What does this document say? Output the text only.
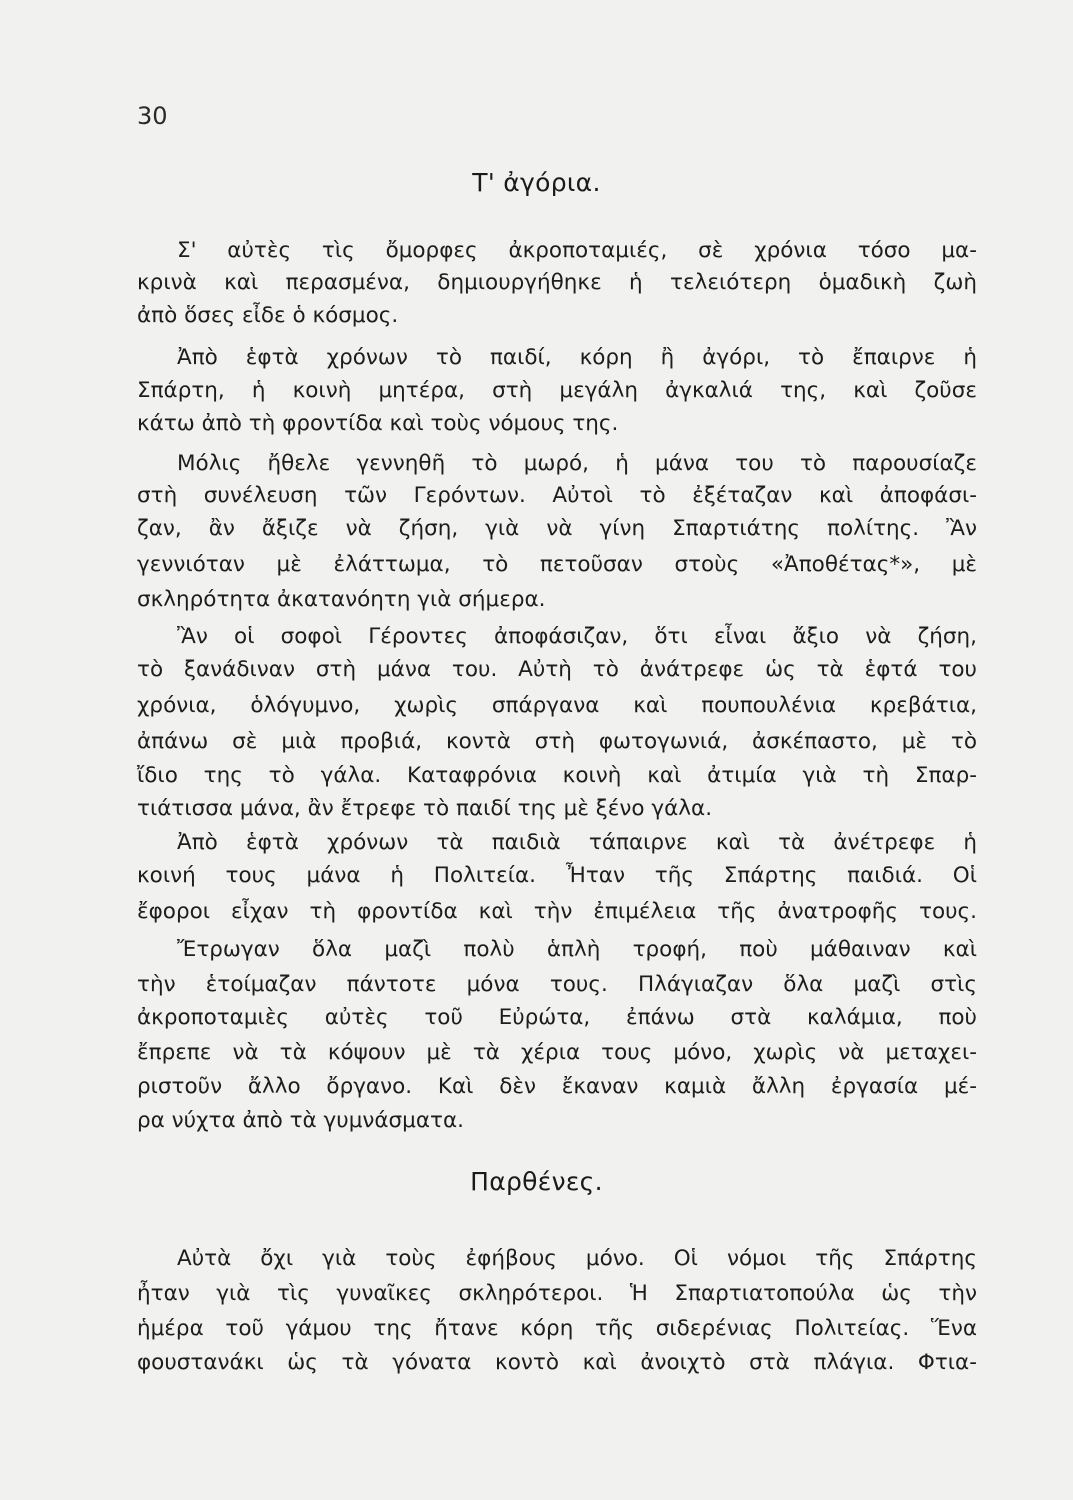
30
Τ' ἀγόρια.
Σ' αὐτὲς τὶς ὄμορφες ἀκροποταμιές, σὲ χρόνια τόσο μα-
κρινὰ καὶ περασμένα, δημιουργήθηκε ἡ τελειότερη ὁμαδικὴ ζωὴ
ἀπὸ ὅσες εἶδε ὁ κόσμος.
Ἀπὸ ἑφτὰ χρόνων τὸ παιδί, κόρη ἢ ἀγόρι, τὸ ἔπαιρνε ἡ
Σπάρτη, ἡ κοινὴ μητέρα, στὴ μεγάλη ἀγκαλιά της, καὶ ζοῦσε
κάτω ἀπὸ τὴ φροντίδα καὶ τοὺς νόμους της.
Μόλις ἤθελε γεννηθῆ τὸ μωρό, ἡ μάνα του τὸ παρουσίαζε
στὴ συνέλευση τῶν Γερόντων. Αὐτοὶ τὸ ἐξέταζαν καὶ ἀποφάσι-
ζαν, ἂν ἄξιζε νὰ ζήση, γιὰ νὰ γίνη Σπαρτιάτης πολίτης. Ἂν
γεννιόταν μὲ ἐλάττωμα, τὸ πετοῦσαν στοὺς «Ἀποθέτας*», μὲ
σκληρότητα ἀκατανόητη γιὰ σήμερα.
Ἂν οἱ σοφοὶ Γέροντες ἀποφάσιζαν, ὅτι εἶναι ἄξιο νὰ ζήση,
τὸ ξανάδιναν στὴ μάνα του. Αὐτὴ τὸ ἀνάτρεφε ὡς τὰ ἑφτά του
χρόνια, ὁλόγυμνο, χωρὶς σπάργανα καὶ πουπουλένια κρεβάτια,
ἀπάνω σὲ μιὰ προβιά, κοντὰ στὴ φωτογωνιά, ἀσκέπαστο, μὲ τὸ
ἴδιο της τὸ γάλα. Καταφρόνια κοινὴ καὶ ἀτιμία γιὰ τὴ Σπαρ-
τιάτισσα μάνα, ἂν ἔτρεφε τὸ παιδί της μὲ ξένο γάλα.
Ἀπὸ ἑφτὰ χρόνων τὰ παιδιὰ τάπαιρνε καὶ τὰ ἀνέτρεφε ἡ
κοινή τους μάνα ἡ Πολιτεία. Ἦταν τῆς Σπάρτης παιδιά. Οἱ
ἔφοροι εἶχαν τὴ φροντίδα καὶ τὴν ἐπιμέλεια τῆς ἀνατροφῆς τους.
Ἔτρωγαν ὅλα μαζὶ πολὺ ἁπλὴ τροφή, ποὺ μάθαιναν καὶ
τὴν ἑτοίμαζαν πάντοτε μόνα τους. Πλάγιαζαν ὅλα μαζὶ στὶς
ἀκροποταμιὲς αὐτὲς τοῦ Εὐρώτα, ἐπάνω στὰ καλάμια, ποὺ
ἔπρεπε νὰ τὰ κόψουν μὲ τὰ χέρια τους μόνο, χωρὶς νὰ μεταχει-
ριστοῦν ἄλλο ὄργανο. Καὶ δὲν ἔκαναν καμιὰ ἄλλη ἐργασία μέ-
ρα νύχτα ἀπὸ τὰ γυμνάσματα.
Παρθένες.
Αὐτὰ ὄχι γιὰ τοὺς ἐφήβους μόνο. Οἱ νόμοι τῆς Σπάρτης
ἦταν γιὰ τὶς γυναῖκες σκληρότεροι. Ἡ Σπαρτιατοπούλα ὡς τὴν
ἡμέρα τοῦ γάμου της ἤτανε κόρη τῆς σιδερένιας Πολιτείας. Ἕνα
φουστανάκι ὡς τὰ γόνατα κοντὸ καὶ ἀνοιχτὸ στὰ πλάγια. Φτια-
